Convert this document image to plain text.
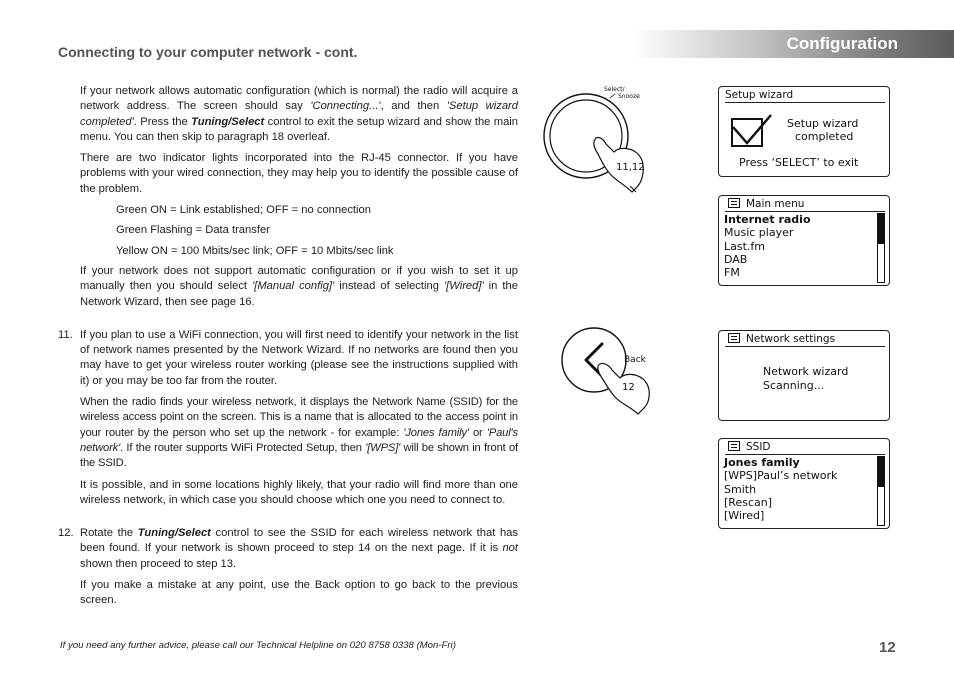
Configuration
Connecting to your computer network - cont.

If your network allows automatic configuration (which is normal) the radio will acquire a network address. The screen should say 'Connecting...', and then 'Setup wizard completed'. Press the Tuning/Select control to exit the setup wizard and show the main menu. You can then skip to paragraph 18 overleaf.

There are two indicator lights incorporated into the RJ-45 connector. If you have problems with your wired connection, they may help you to identify the possible cause of the problem.

Green ON = Link established; OFF = no connection

Green Flashing = Data transfer

Yellow ON = 100 Mbits/sec link; OFF = 10 Mbits/sec link

If your network does not support automatic configuration or if you wish to set it up manually then you should select '[Manual config]' instead of selecting '[Wired]' in the Network Wizard, then see page 16.

11. If you plan to use a WiFi connection, you will first need to identify your network in the list of network names presented by the Network Wizard. If no networks are found then you may have to get your wireless router working (please see the instructions supplied with it) or you may be too far from the router.

When the radio finds your wireless network, it displays the Network Name (SSID) for the wireless access point on the screen. This is a name that is allocated to the access point in your router by the person who set up the network - for example: 'Jones family' or 'Paul's network'. If the router supports WiFi Protected Setup, then '[WPS]' will be shown in front of the SSID.

It is possible, and in some locations highly likely, that your radio will find more than one wireless network, in which case you should choose which one you need to connect to.

12. Rotate the Tuning/Select control to see the SSID for each wireless network that has been found. If your network is shown proceed to step 14 on the next page. If it is not shown then proceed to step 13.

If you make a mistake at any point, use the Back option to go back to the previous screen.

Select/
Snooze
11,12
Back
12
Setup wizard
Setup wizard
completed
Press ‘SELECT’ to exit
Main menu
Internet radio
Music player
Last.fm
DAB
FM
Network settings
Network wizard
Scanning...
SSID
Jones family
[WPS]Paul’s network
Smith
[Rescan]
[Wired]
If you need any further advice, please call our Technical Helpline on 020 8758 0338 (Mon-Fri)	12
